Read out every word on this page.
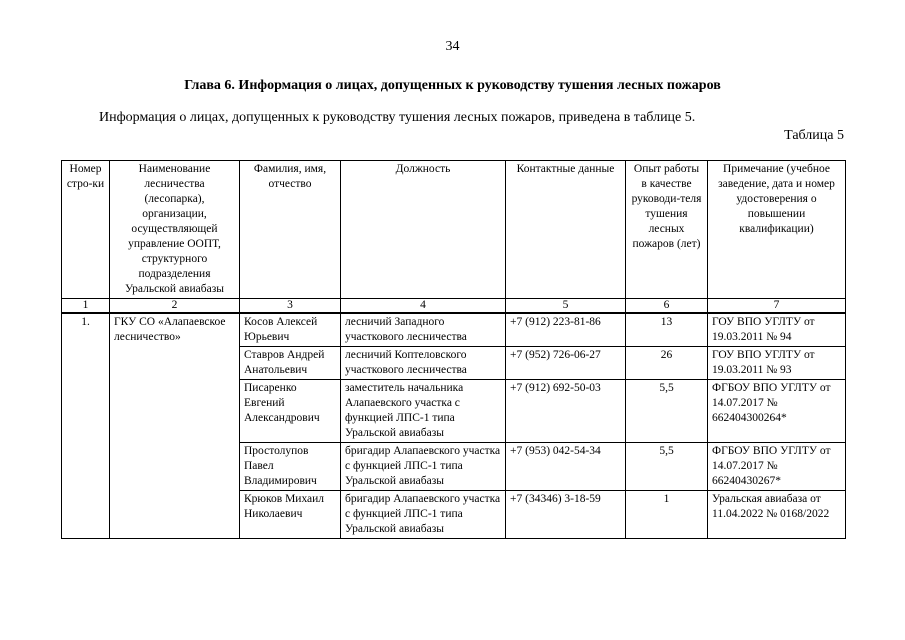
34
Глава 6. Информация о лицах, допущенных к руководству тушения лесных пожаров
Информация о лицах, допущенных к руководству тушения лесных пожаров, приведена в таблице 5.
Таблица 5
Номер стро-ки	Наименование лесничества (лесопарка), организации, осуществляющей управление ООПТ, структурного подразделения Уральской авиабазы	Фамилия, имя, отчество	Должность	Контактные данные	Опыт работы в качестве руководи-теля тушения лесных пожаров (лет)	Примечание (учебное заведение, дата и номер удостоверения о повышении квалификации)
1	2	3	4	5	6	7
1.	ГКУ СО «Алапаевское лесничество»	Косов Алексей Юрьевич	лесничий Западного участкового лесничества	+7 (912) 223-81-86	13	ГОУ ВПО УГЛТУ от 19.03.2011 № 94
		Ставров Андрей Анатольевич	лесничий Коптеловского участкового лесничества	+7 (952) 726-06-27	26	ГОУ ВПО УГЛТУ от 19.03.2011 № 93
		Писаренко Евгений Александрович	заместитель начальника Алапаевского участка с функцией ЛПС-1 типа Уральской авиабазы	+7 (912) 692-50-03	5,5	ФГБОУ ВПО УГЛТУ от 14.07.2017 № 662404300264*
		Простолупов Павел Владимирович	бригадир Алапаевского участка с функцией ЛПС-1 типа Уральской авиабазы	+7 (953) 042-54-34	5,5	ФГБОУ ВПО УГЛТУ от 14.07.2017 № 66240430267*
		Крюков Михаил Николаевич	бригадир Алапаевского участка с функцией ЛПС-1 типа Уральской авиабазы	+7 (34346) 3-18-59	1	Уральская авиабаза от 11.04.2022 № 0168/2022
